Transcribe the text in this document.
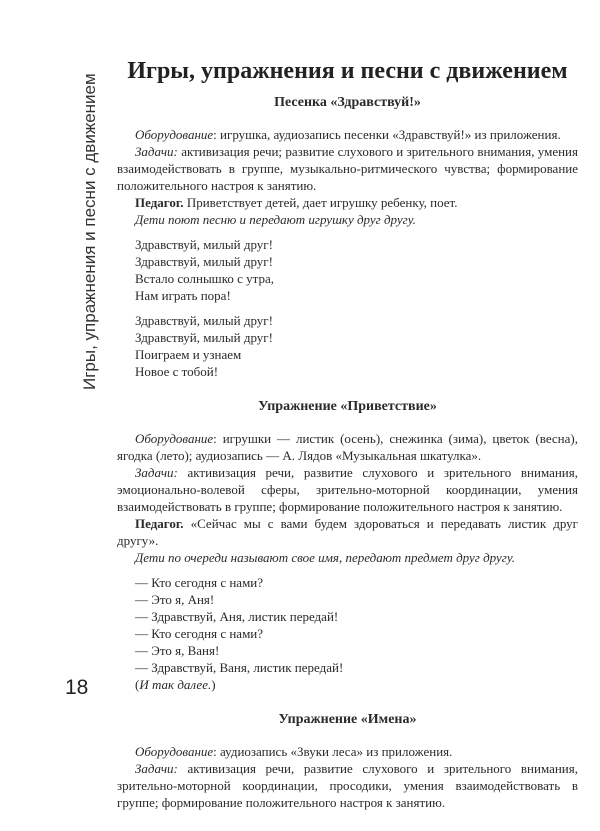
Игры, упражнения и песни с движением
18
Игры, упражнения и песни с движением

Песенка «Здравствуй!»

Оборудование: игрушка, аудиозапись песенки «Здравствуй!» из приложения.

Задачи: активизация речи; развитие слухового и зрительного внимания, умения взаимодействовать в группе, музыкально-ритмического чувства; формирование положительного настроя к занятию.

Педагог. Приветствует детей, дает игрушку ребенку, поет.

Дети поют песню и передают игрушку друг другу.

Здравствуй, милый друг!
Здравствуй, милый друг!
Встало солнышко с утра,
Нам играть пора!
Здравствуй, милый друг!
Здравствуй, милый друг!
Поиграем и узнаем
Новое с тобой!

Упражнение «Приветствие»

Оборудование: игрушки — листик (осень), снежинка (зима), цветок (весна), ягодка (лето); аудиозапись — А. Лядов «Музыкальная шкатулка».

Задачи: активизация речи, развитие слухового и зрительного внимания, эмоционально-волевой сферы, зрительно-моторной координации, умения взаимодействовать в группе; формирование положительного настроя к занятию.

Педагог. «Сейчас мы с вами будем здороваться и передавать листик друг другу».

Дети по очереди называют свое имя, передают предмет друг другу.

— Кто сегодня с нами?
— Это я, Аня!
— Здравствуй, Аня, листик передай!
— Кто сегодня с нами?
— Это я, Ваня!
— Здравствуй, Ваня, листик передай!
(И так далее.)

Упражнение «Имена»

Оборудование: аудиозапись «Звуки леса» из приложения.

Задачи: активизация речи, развитие слухового и зрительного внимания, зрительно-моторной координации, просодики, умения взаимодействовать в группе; формирование положительного настроя к занятию.
